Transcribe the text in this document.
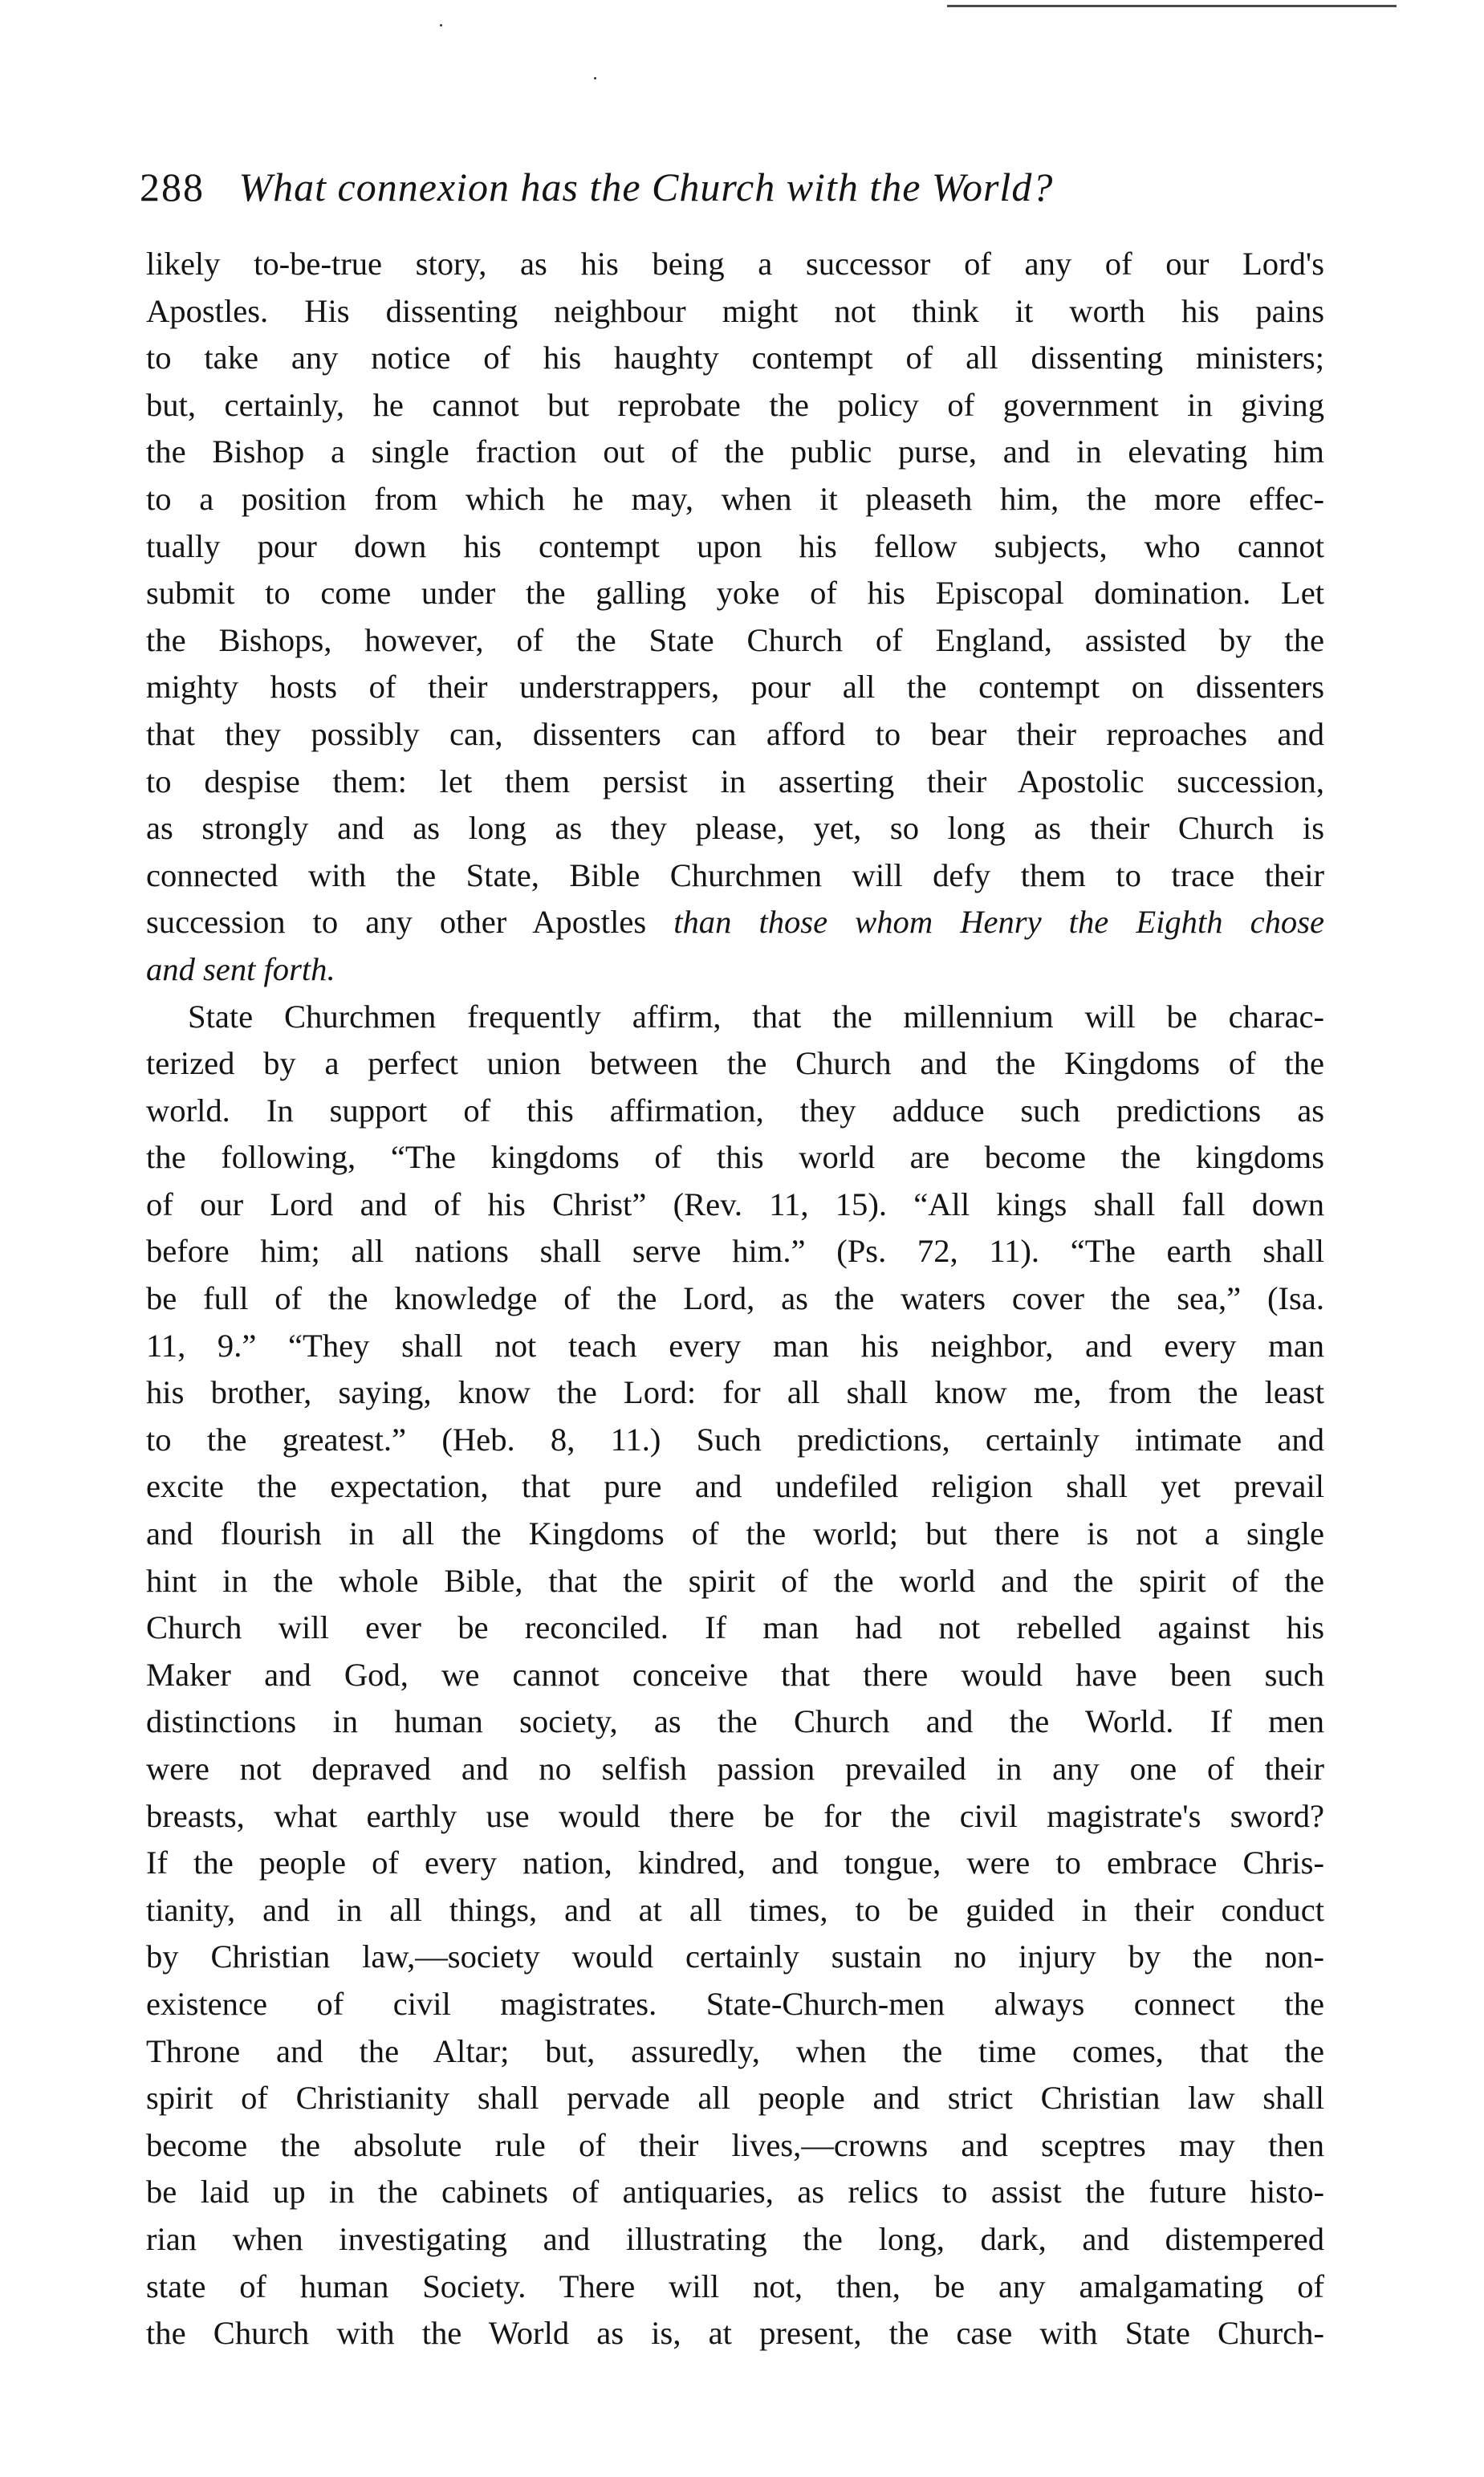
288 What connexion has the Church with the World?
likely to-be-true story, as his being a successor of any of our Lord's
Apostles. His dissenting neighbour might not think it worth his pains
to take any notice of his haughty contempt of all dissenting ministers;
but, certainly, he cannot but reprobate the policy of government in giving
the Bishop a single fraction out of the public purse, and in elevating him
to a position from which he may, when it pleaseth him, the more effec-
tually pour down his contempt upon his fellow subjects, who cannot
submit to come under the galling yoke of his Episcopal domination. Let
the Bishops, however, of the State Church of England, assisted by the
mighty hosts of their understrappers, pour all the contempt on dissenters
that they possibly can, dissenters can afford to bear their reproaches and
to despise them: let them persist in asserting their Apostolic succession,
as strongly and as long as they please, yet, so long as their Church is
connected with the State, Bible Churchmen will defy them to trace their
succession to any other Apostles than those whom Henry the Eighth chose
and sent forth.
State Churchmen frequently affirm, that the millennium will be charac-
terized by a perfect union between the Church and the Kingdoms of the
world. In support of this affirmation, they adduce such predictions as
the following, “The kingdoms of this world are become the kingdoms
of our Lord and of his Christ” (Rev. 11, 15). “All kings shall fall down
before him; all nations shall serve him.” (Ps. 72, 11). “The earth shall
be full of the knowledge of the Lord, as the waters cover the sea,” (Isa.
11, 9.” “They shall not teach every man his neighbor, and every man
his brother, saying, know the Lord: for all shall know me, from the least
to the greatest.” (Heb. 8, 11.) Such predictions, certainly intimate and
excite the expectation, that pure and undefiled religion shall yet prevail
and flourish in all the Kingdoms of the world; but there is not a single
hint in the whole Bible, that the spirit of the world and the spirit of the
Church will ever be reconciled. If man had not rebelled against his
Maker and God, we cannot conceive that there would have been such
distinctions in human society, as the Church and the World. If men
were not depraved and no selfish passion prevailed in any one of their
breasts, what earthly use would there be for the civil magistrate's sword?
If the people of every nation, kindred, and tongue, were to embrace Chris-
tianity, and in all things, and at all times, to be guided in their conduct
by Christian law,—society would certainly sustain no injury by the non-
existence of civil magistrates. State-Church-men always connect the
Throne and the Altar; but, assuredly, when the time comes, that the
spirit of Christianity shall pervade all people and strict Christian law shall
become the absolute rule of their lives,—crowns and sceptres may then
be laid up in the cabinets of antiquaries, as relics to assist the future histo-
rian when investigating and illustrating the long, dark, and distempered
state of human Society. There will not, then, be any amalgamating of
the Church with the World as is, at present, the case with State Church-
